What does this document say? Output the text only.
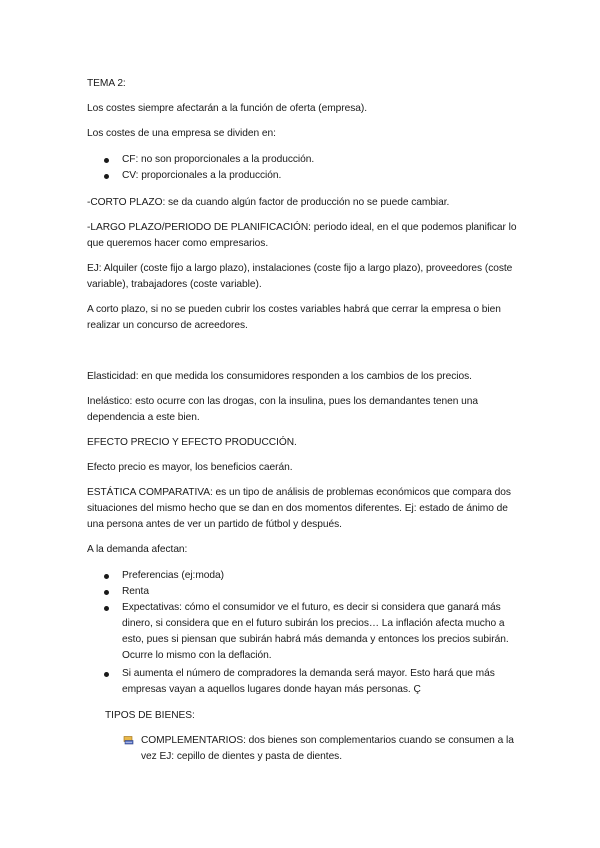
TEMA 2:
Los costes siempre afectarán a la función de oferta (empresa).
Los costes de una empresa se dividen en:
CF: no son proporcionales a la producción.
CV: proporcionales a la producción.
-CORTO PLAZO: se da cuando algún factor de producción no se puede cambiar.
-LARGO PLAZO/PERIODO DE PLANIFICACIÓN: periodo ideal, en el que podemos planificar lo que queremos hacer como empresarios.
EJ: Alquiler (coste fijo a largo plazo), instalaciones (coste fijo a largo plazo), proveedores (coste variable), trabajadores (coste variable).
A corto plazo, si no se pueden cubrir los costes variables habrá que cerrar la empresa o bien realizar un concurso de acreedores.
Elasticidad: en que medida los consumidores responden a los cambios de los precios.
Inelástico: esto ocurre con las drogas, con la insulina, pues los demandantes tenen una dependencia a este bien.
EFECTO PRECIO Y EFECTO PRODUCCIÓN.
Efecto precio es mayor, los beneficios caerán.
ESTÁTICA COMPARATIVA: es un tipo de análisis de problemas económicos que compara dos situaciones del mismo hecho que se dan en dos momentos diferentes. Ej: estado de ánimo de una persona antes de ver un partido de fútbol y después.
A la demanda afectan:
Preferencias (ej:moda)
Renta
Expectativas: cómo el consumidor ve el futuro, es decir si considera que ganará más dinero, si considera que en el futuro subirán los precios… La inflación afecta mucho a esto, pues si piensan que subirán habrá más demanda y entonces los precios subirán. Ocurre lo mismo con la deflación.
Si aumenta el número de compradores la demanda será mayor. Esto hará que más empresas vayan a aquellos lugares donde hayan más personas. Ç
TIPOS DE BIENES:
COMPLEMENTARIOS: dos bienes son complementarios cuando se consumen a la vez EJ: cepillo de dientes y pasta de dientes.
